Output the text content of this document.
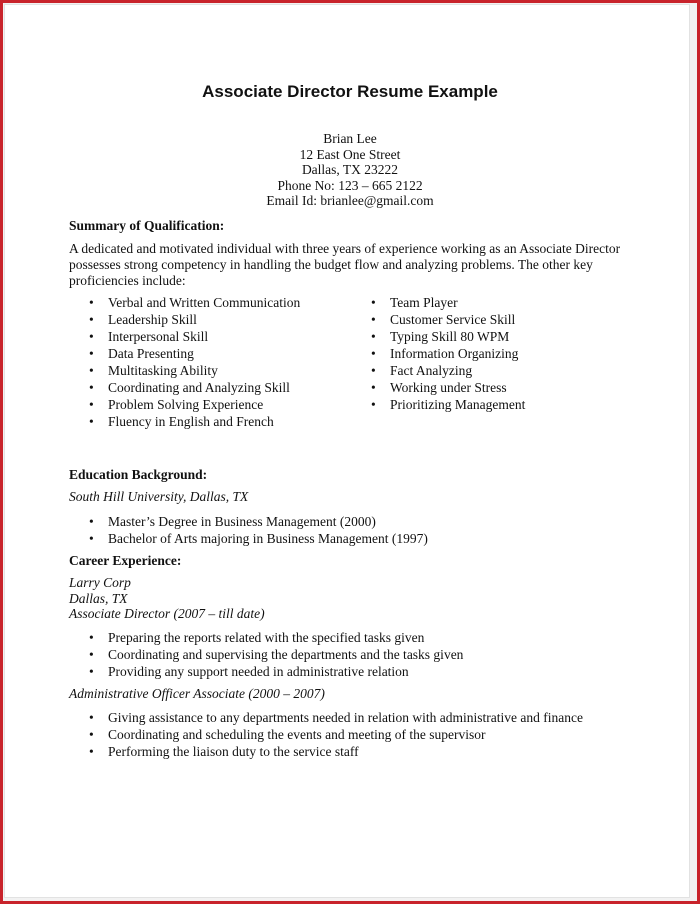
Associate Director Resume Example
Brian Lee
12 East One Street
Dallas, TX 23222
Phone No: 123 – 665 2122
Email Id: brianlee@gmail.com
Summary of Qualification:
A dedicated and motivated individual with three years of experience working as an Associate Director
possesses strong competency in handling the budget flow and analyzing problems. The other key
proficiencies include:
• Verbal and Written Communication
• Leadership Skill
• Interpersonal Skill
• Data Presenting
• Multitasking Ability
• Coordinating and Analyzing Skill
• Problem Solving Experience
• Fluency in English and French
• Team Player
• Customer Service Skill
• Typing Skill 80 WPM
• Information Organizing
• Fact Analyzing
• Working under Stress
• Prioritizing Management
Education Background:
South Hill University, Dallas, TX
• Master’s Degree in Business Management (2000)
• Bachelor of Arts majoring in Business Management (1997)
Career Experience:
Larry Corp
Dallas, TX
Associate Director (2007 – till date)
• Preparing the reports related with the specified tasks given
• Coordinating and supervising the departments and the tasks given
• Providing any support needed in administrative relation
Administrative Officer Associate (2000 – 2007)
• Giving assistance to any departments needed in relation with administrative and finance
• Coordinating and scheduling the events and meeting of the supervisor
• Performing the liaison duty to the service staff
